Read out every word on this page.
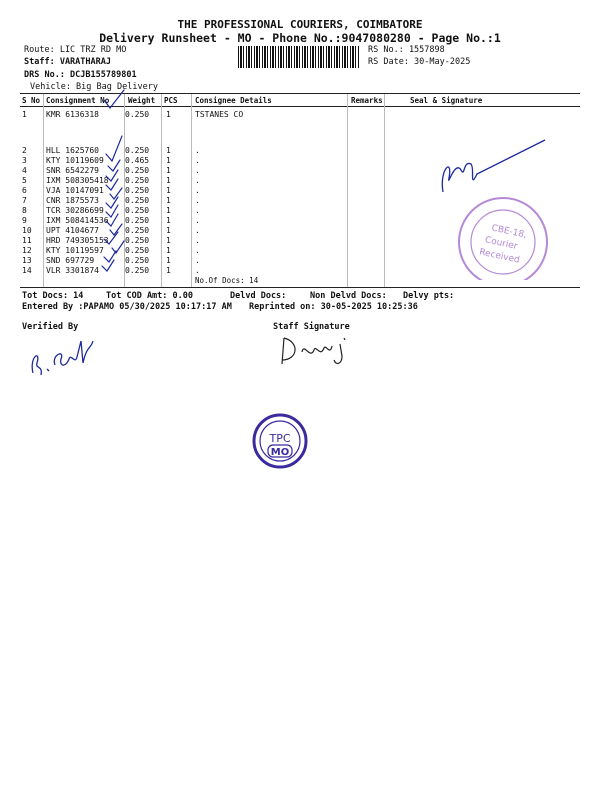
THE PROFESSIONAL COURIERS, COIMBATORE
Delivery Runsheet - MO - Phone No.:9047080280 - Page No.:1
Route: LIC TRZ RD MO
Staff: VARATHARAJ
DRS No.: DCJB155789801
Vehicle: Big Bag Delivery
RS No.: 1557898
RS Date: 30-May-2025
S No Consignment No	Weight PCS Consignee Details	Remarks	Seal & Signature
1 KMR 6136318	0.250 1	TSTANES CO
2 HLL 1625760	0.250 1	.
3 KTY 10119609	0.465 1	.
4 SNR 6542279	0.250 1	.
5 IXM 508305418 0.250 1	.
6 VJA 10147091	0.250 1	.
7 CNR 1875573	0.250 1	.
8 TCR 30286699	0.250 1	.
9 IXM 508414536 0.250 1	.
10 UPT 4104677	0.250 1	.
11 HRD 749305153 0.250 1	.
12 KTY 10119597	0.250 1	.
13 SND 697729	0.250 1	.
14 VLR 3301874	0.250 1	.
No.Of Docs: 14
CBE-18,
Courier
Received
Tot Docs: 14	Tot COD Amt: 0.00	Delvd Docs:	Non Delvd Docs: Delvy pts:
Entered By :PAPAMO 05/30/2025 10:17:17 AM Reprinted on: 30-05-2025 10:25:36
Verified By	Staff Signature
TPC
MO
